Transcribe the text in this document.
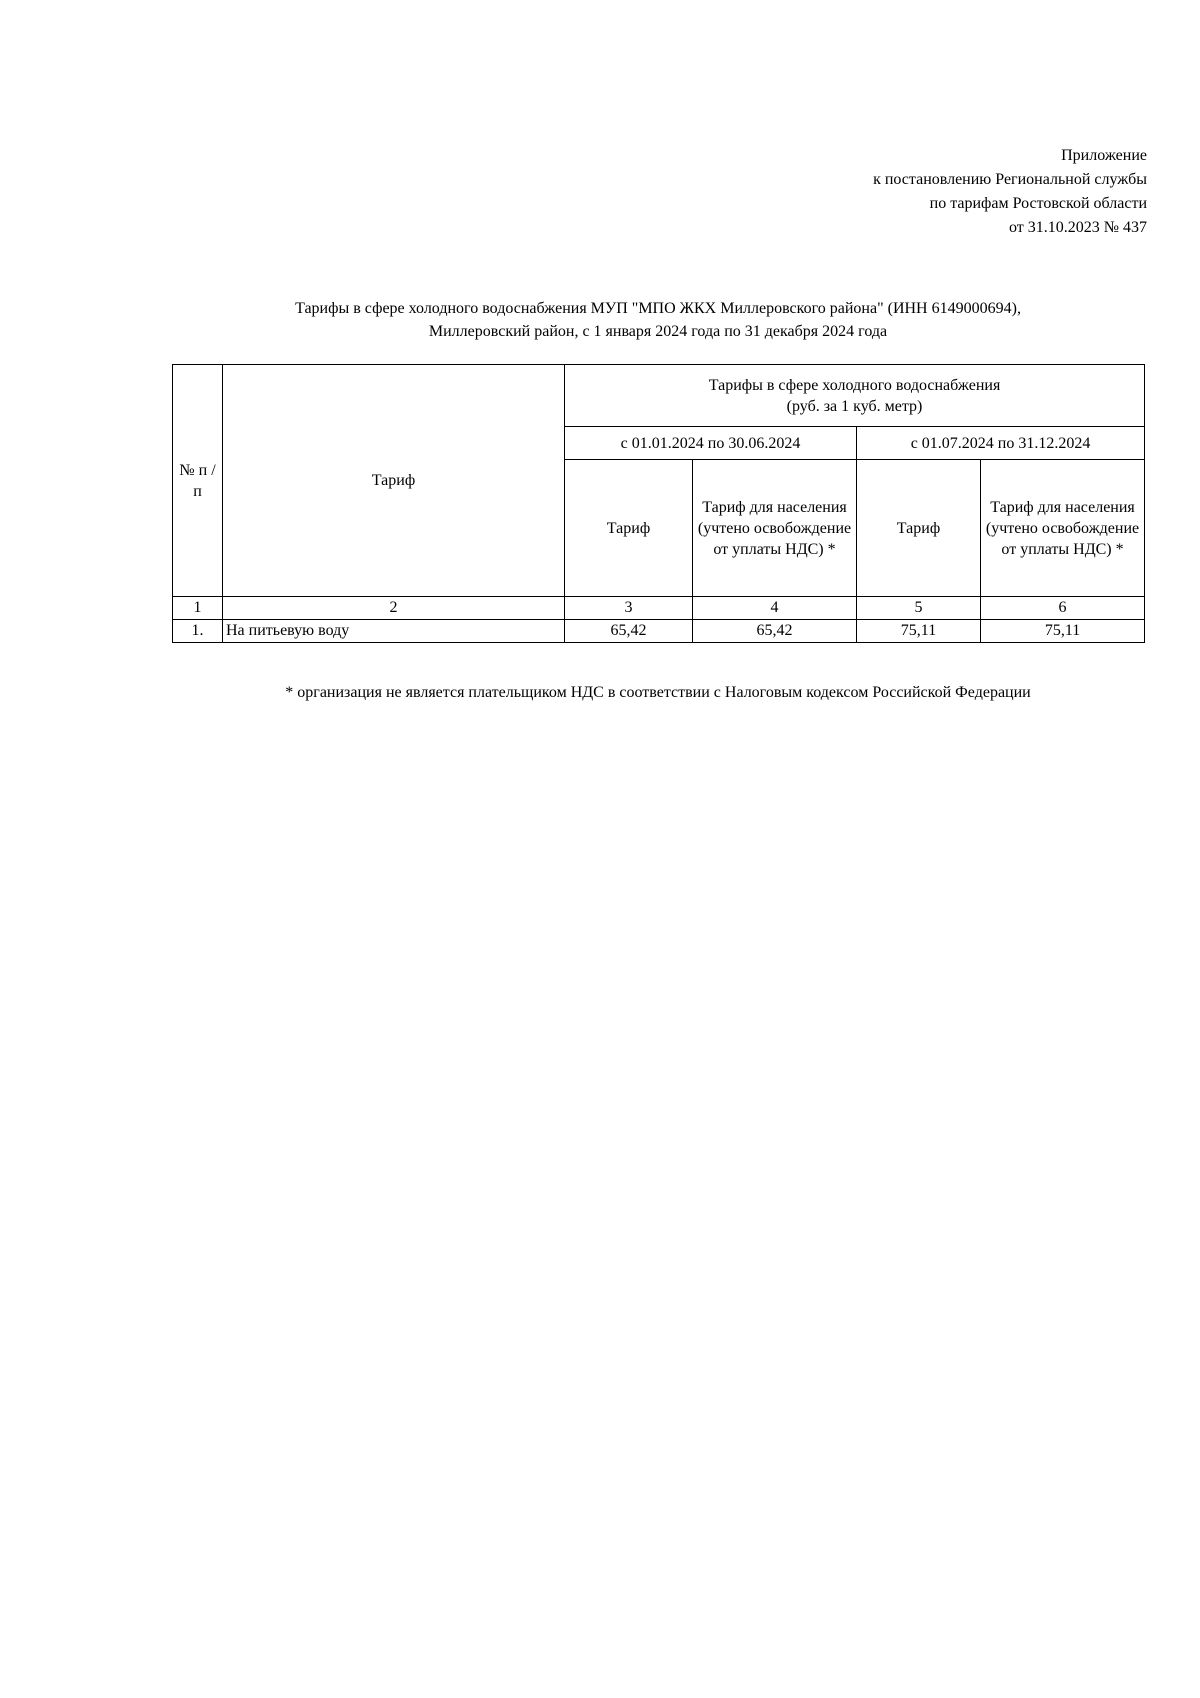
Приложение
к постановлению Региональной службы
по тарифам Ростовской области
от 31.10.2023 № 437
Тарифы в сфере холодного водоснабжения МУП "МПО ЖКХ Миллеровского района" (ИНН 6149000694),
Миллеровский район, с 1 января 2024 года по 31 декабря 2024 года
№ п /п	Тариф	Тарифы в сфере холодного водоснабжения
(руб. за 1 куб. метр)			

		с 01.01.2024 по 30.06.2024		с 01.07.2024 по 31.12.2024	
		Тариф	Тариф для населения (учтено освобождение от уплаты НДС) *	Тариф	Тариф для населения (учтено освобождение от уплаты НДС) *
1	2	3	4	5	6
1.	На питьевую воду	65,42	65,42	75,11	75,11
* организация не является плательщиком НДС в соответствии с Налоговым кодексом Российской Федерации
